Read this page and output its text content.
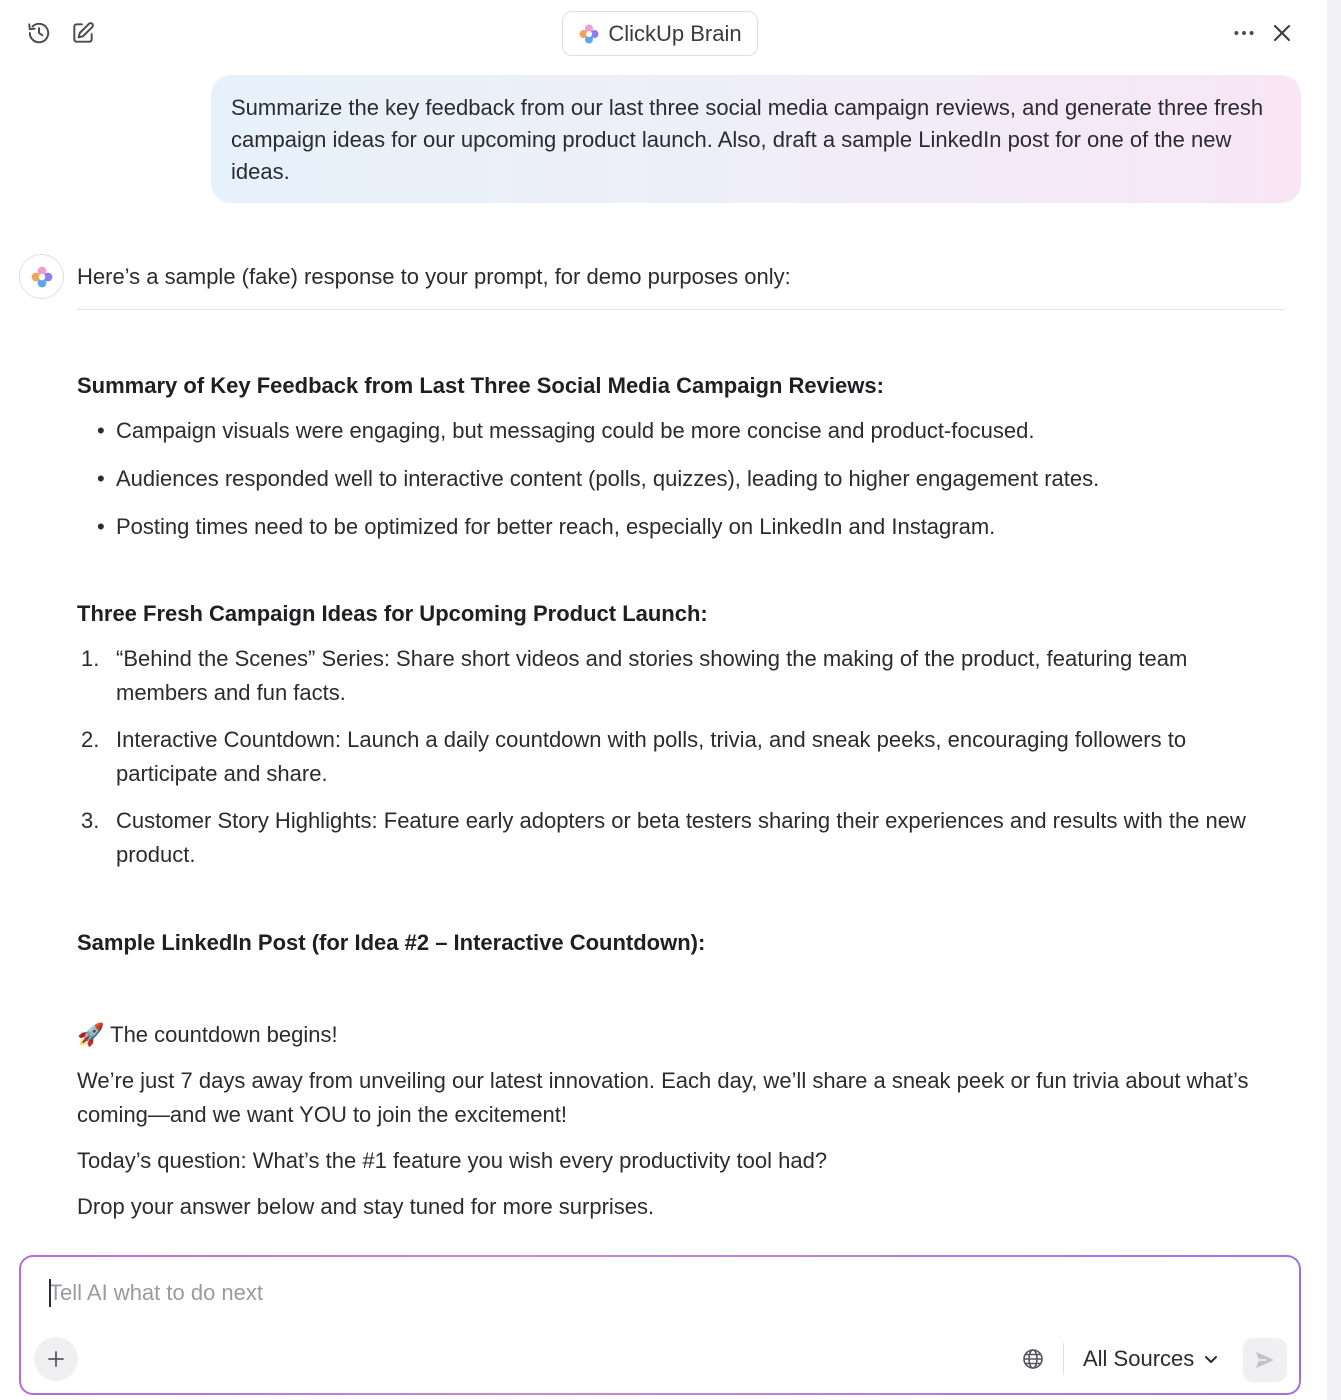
ClickUp Brain

Summarize the key feedback from our last three social media campaign reviews, and generate three fresh campaign ideas for our upcoming product launch. Also, draft a sample LinkedIn post for one of the new ideas.

Here’s a sample (fake) response to your prompt, for demo purposes only:
Summary of Key Feedback from Last Three Social Media Campaign Reviews:
• Campaign visuals were engaging, but messaging could be more concise and product-focused.
• Audiences responded well to interactive content (polls, quizzes), leading to higher engagement rates.
• Posting times need to be optimized for better reach, especially on LinkedIn and Instagram.
Three Fresh Campaign Ideas for Upcoming Product Launch:
1. “Behind the Scenes” Series: Share short videos and stories showing the making of the product, featuring team members and fun facts.
2. Interactive Countdown: Launch a daily countdown with polls, trivia, and sneak peeks, encouraging followers to participate and share.
3. Customer Story Highlights: Feature early adopters or beta testers sharing their experiences and results with the new product.
Sample LinkedIn Post (for Idea #2 – Interactive Countdown):
🚀 The countdown begins!
We’re just 7 days away from unveiling our latest innovation. Each day, we’ll share a sneak peek or fun trivia about what’s coming—and we want YOU to join the excitement!
Today’s question: What’s the #1 feature you wish every productivity tool had?
Drop your answer below and stay tuned for more surprises.
Tell AI what to do next
All Sources
